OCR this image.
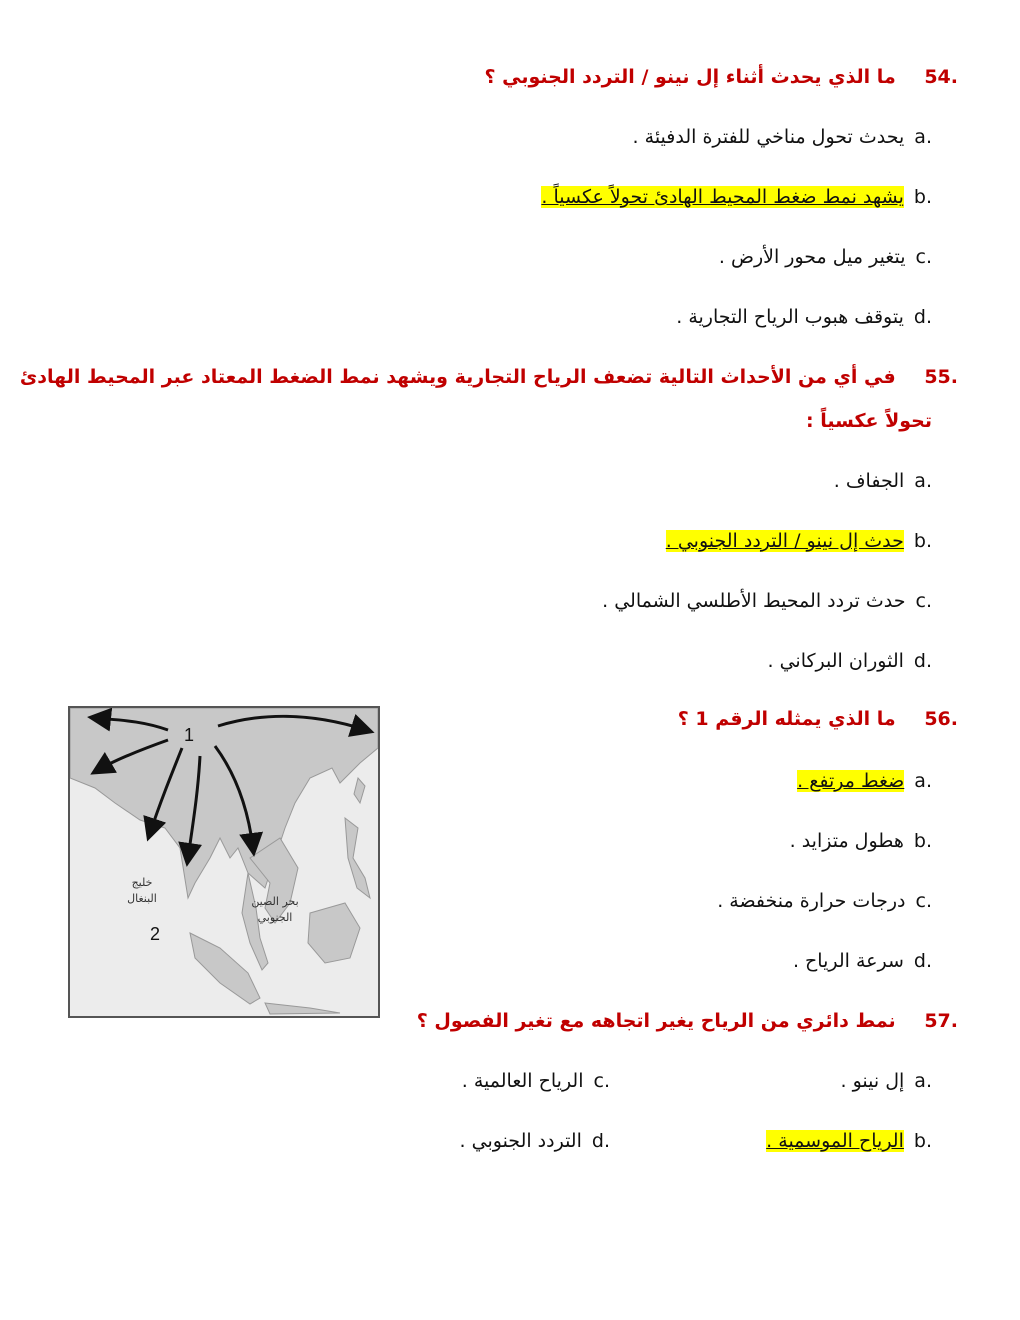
.54 ما الذي يحدث أثناء إل نينو / التردد الجنوبي ؟
.aيحدث تحول مناخي للفترة الدفيئة .
.bيشهد نمط ضغط المحيط الهادئ تحولاً عكسياً .
.cيتغير ميل محور الأرض .
.dيتوقف هبوب الرياح التجارية .
.55 في أي من الأحداث التالية تضعف الرياح التجارية ويشهد نمط الضغط المعتاد عبر المحيط الهادئ
تحولاً عكسياً :
.aالجفاف .
.bحدث إل نينو / التردد الجنوبي .
.cحدث تردد المحيط الأطلسي الشمالي .
.dالثوران البركاني .
.56 ما الذي يمثله الرقم 1 ؟
.aضغط مرتفع .
.bهطول متزايد .
.cدرجات حرارة منخفضة .
.dسرعة الرياح .
1
2
خليج
البنغال	بحر الصين
الجنوبي
.57 نمط دائري من الرياح يغير اتجاهه مع تغير الفصول ؟
.aإل نينو .
.cالرياح العالمية .
.bالرياح الموسمية .
.dالتردد الجنوبي .
